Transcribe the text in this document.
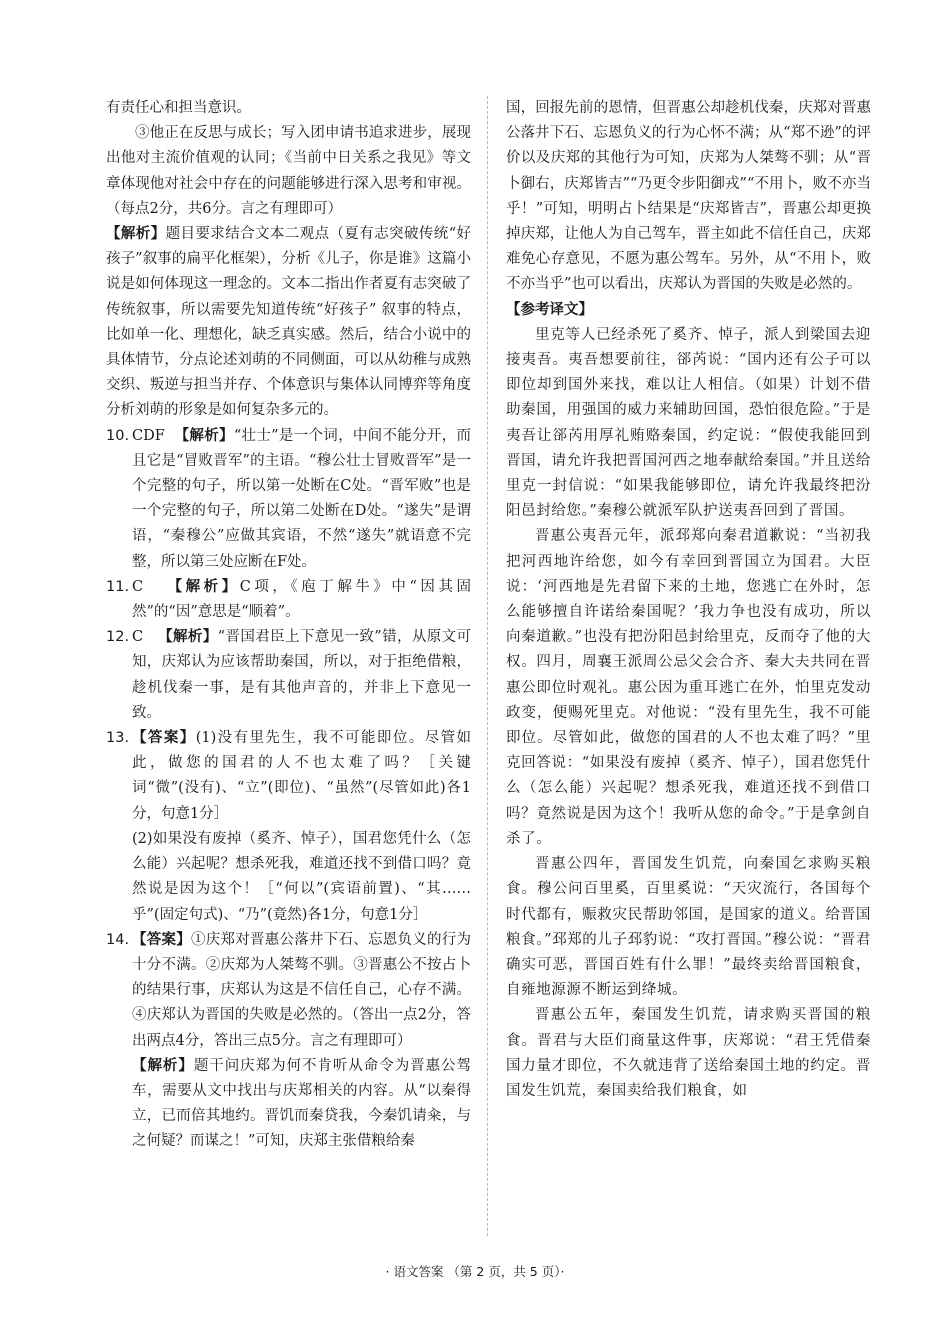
有责任心和担当意识。

③他正在反思与成长；写入团申请书追求进步，展现出他对主流价值观的认同；《当前中日关系之我见》等文章体现他对社会中存在的问题能够进行深入思考和审视。（每点2分，共6分。言之有理即可）

【解析】题目要求结合文本二观点（夏有志突破传统“好孩子”叙事的扁平化框架），分析《儿子，你是谁》这篇小说是如何体现这一理念的。文本二指出作者夏有志突破了传统叙事，所以需要先知道传统“好孩子” 叙事的特点，比如单一化、理想化，缺乏真实感。然后，结合小说中的具体情节，分点论述刘萌的不同侧面，可以从幼稚与成熟交织、叛逆与担当并存、个体意识与集体认同博弈等角度分析刘萌的形象是如何复杂多元的。

10. CDF 【解析】“壮士”是一个词，中间不能分开，而且它是“冒败晋军”的主语。“穆公壮士冒败晋军”是一个完整的句子，所以第一处断在C处。“晋军败”也是一个完整的句子，所以第二处断在D处。“遂失”是谓语，“秦穆公”应做其宾语，不然“遂失”就语意不完整，所以第三处应断在F处。

11. C 【解析】C项，《庖丁解牛》中“因其固然”的“因”意思是“顺着”。

12. C 【解析】“晋国君臣上下意见一致”错，从原文可知，庆郑认为应该帮助秦国，所以，对于拒绝借粮，趁机伐秦一事，是有其他声音的，并非上下意见一致。

13. 【答案】(1)没有里先生，我不可能即位。尽管如此，做您的国君的人不也太难了吗？［关键词“微”(没有)、“立”(即位)、“虽然”(尽管如此)各1分，句意1分］

(2)如果没有废掉（奚齐、悼子），国君您凭什么（怎么能）兴起呢？想杀死我，难道还找不到借口吗？竟然说是因为这个！［“何以”(宾语前置)、“其……乎”(固定句式)、“乃”(竟然)各1分，句意1分］

14. 【答案】①庆郑对晋惠公落井下石、忘恩负义的行为十分不满。②庆郑为人桀骜不驯。③晋惠公不按占卜的结果行事，庆郑认为这是不信任自己，心存不满。④庆郑认为晋国的失败是必然的。（答出一点2分，答出两点4分，答出三点5分。言之有理即可）

【解析】题干问庆郑为何不肯听从命令为晋惠公驾车，需要从文中找出与庆郑相关的内容。从“以秦得立，已而倍其地约。晋饥而秦贷我，今秦饥请籴，与之何疑？而谋之！”可知，庆郑主张借粮给秦

国，回报先前的恩情，但晋惠公却趁机伐秦，庆郑对晋惠公落井下石、忘恩负义的行为心怀不满；从“郑不逊”的评价以及庆郑的其他行为可知，庆郑为人桀骜不驯；从“晋卜御右，庆郑皆吉”“乃更令步阳御戎”“不用卜，败不亦当乎！”可知，明明占卜结果是“庆郑皆吉”，晋惠公却更换掉庆郑，让他人为自己驾车，晋主如此不信任自己，庆郑难免心存意见，不愿为惠公驾车。另外，从“不用卜，败不亦当乎”也可以看出，庆郑认为晋国的失败是必然的。

【参考译文】

里克等人已经杀死了奚齐、悼子，派人到梁国去迎接夷吾。夷吾想要前往，郤芮说：“国内还有公子可以即位却到国外来找，难以让人相信。（如果）计划不借助秦国，用强国的威力来辅助回国，恐怕很危险。”于是夷吾让郤芮用厚礼贿赂秦国，约定说：“假使我能回到晋国，请允许我把晋国河西之地奉献给秦国。”并且送给里克一封信说：“如果我能够即位，请允许我最终把汾阳邑封给您。”秦穆公就派军队护送夷吾回到了晋国。

晋惠公夷吾元年，派邳郑向秦君道歉说：“当初我把河西地许给您，如今有幸回到晋国立为国君。大臣说：‘河西地是先君留下来的土地，您逃亡在外时，怎么能够擅自许诺给秦国呢？’我力争也没有成功，所以向秦道歉。”也没有把汾阳邑封给里克，反而夺了他的大权。四月，周襄王派周公忌父会合齐、秦大夫共同在晋惠公即位时观礼。惠公因为重耳逃亡在外，怕里克发动政变，便赐死里克。对他说：“没有里先生，我不可能即位。尽管如此，做您的国君的人不也太难了吗？”里克回答说：“如果没有废掉（奚齐、悼子），国君您凭什么（怎么能）兴起呢？想杀死我，难道还找不到借口吗？竟然说是因为这个！我听从您的命令。”于是拿剑自杀了。

晋惠公四年，晋国发生饥荒，向秦国乞求购买粮食。穆公问百里奚，百里奚说：“天灾流行，各国每个时代都有，赈救灾民帮助邻国，是国家的道义。给晋国粮食。”邳郑的儿子邳豹说：“攻打晋国。”穆公说：“晋君确实可恶，晋国百姓有什么罪！”最终卖给晋国粮食，自雍地源源不断运到绛城。

晋惠公五年，秦国发生饥荒，请求购买晋国的粮食。晋君与大臣们商量这件事，庆郑说：“君王凭借秦国力量才即位，不久就违背了送给秦国土地的约定。晋国发生饥荒，秦国卖给我们粮食，如

· 语文答案 （第 2 页，共 5 页）·
